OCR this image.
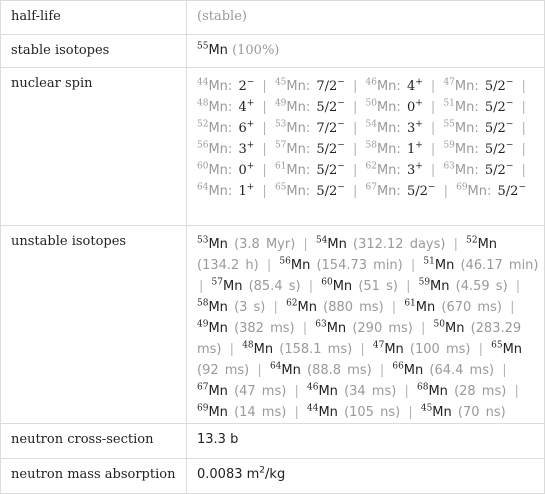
half-life	(stable)
stable isotopes	$^{55}$Mn (100%)
nuclear spin	$^{44}$Mn: 2− | $^{45}$Mn: 7/2− | $^{46}$Mn: 4+ | $^{47}$Mn: 5/2− | $^{48}$Mn: 4+ | $^{49}$Mn: 5/2− | $^{50}$Mn: 0+ | $^{51}$Mn: 5/2− | $^{52}$Mn: 6+ | $^{53}$Mn: 7/2− | $^{54}$Mn: 3+ | $^{55}$Mn: 5/2− | $^{56}$Mn: 3+ | $^{57}$Mn: 5/2− | $^{58}$Mn: 1+ | $^{59}$Mn: 5/2− | $^{60}$Mn: 0+ | $^{61}$Mn: 5/2− | $^{62}$Mn: 3+ | $^{63}$Mn: 5/2− | $^{64}$Mn: 1+ | $^{65}$Mn: 5/2− | $^{67}$Mn: 5/2− | $^{69}$Mn: 5/2−

unstable isotopes	$^{53}$Mn (3.8 Myr) | $^{54}$Mn (312.12 days) | $^{52}$Mn (134.2 h) | $^{56}$Mn (154.73 min) | $^{51}$Mn (46.17 min) | $^{57}$Mn (85.4 s) | $^{60}$Mn (51 s) | $^{59}$Mn (4.59 s) | $^{58}$Mn (3 s) | $^{62}$Mn (880 ms) | $^{61}$Mn (670 ms) | $^{49}$Mn (382 ms) | $^{63}$Mn (290 ms) | $^{50}$Mn (283.29 ms) | $^{48}$Mn (158.1 ms) | $^{47}$Mn (100 ms) | $^{65}$Mn (92 ms) | $^{64}$Mn (88.8 ms) | $^{66}$Mn (64.4 ms) | $^{67}$Mn (47 ms) | $^{46}$Mn (34 ms) | $^{68}$Mn (28 ms) | $^{69}$Mn (14 ms) | $^{44}$Mn (105 ns) | $^{45}$Mn (70 ns)

neutron cross-section	13.3 b
neutron mass absorption	0.0083 $m^2/kg$
